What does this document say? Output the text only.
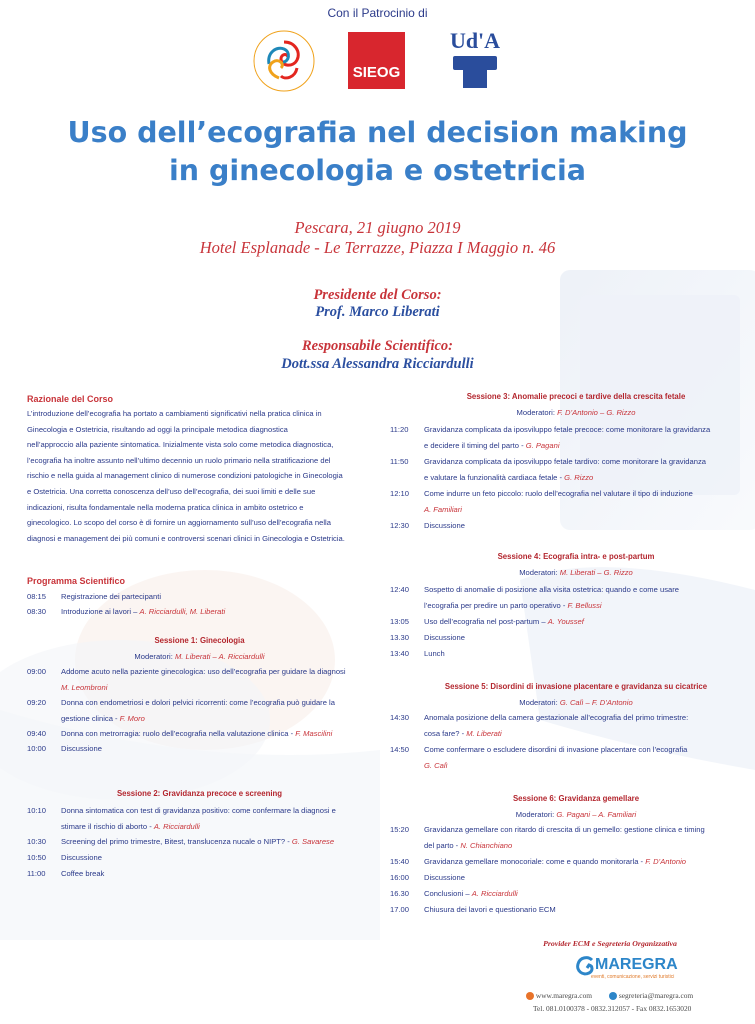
Con il Patrocinio di
SIEOG
Ud'A
Uso dell’ecografia nel decision making
in ginecologia e ostetricia
Pescara, 21 giugno 2019
Hotel Esplanade - Le Terrazze, Piazza I Maggio n. 46
Presidente del Corso:
Prof. Marco Liberati
Responsabile Scientifico:
Dott.ssa Alessandra Ricciardulli
Razionale del Corso
L’introduzione dell’ecografia ha portato a cambiamenti significativi nella pratica clinica in
Ginecologia e Ostetricia, risultando ad oggi la principale metodica diagnostica
nell’approccio alla paziente sintomatica. Inizialmente vista solo come metodica diagnostica,
l’ecografia ha inoltre assunto nell’ultimo decennio un ruolo primario nella stratificazione del
rischio e nella guida al management clinico di numerose condizioni patologiche in Ginecologia
e Ostetricia. Una corretta conoscenza dell’uso dell’ecografia, dei suoi limiti e delle sue
indicazioni, risulta fondamentale nella moderna pratica clinica in ambito ostetrico e
ginecologico. Lo scopo del corso è di fornire un aggiornamento sull’uso dell’ecografia nella
diagnosi e management dei più comuni e controversi scenari clinici in Ginecologia e Ostetricia.
Programma Scientifico
08:15	Registrazione dei partecipanti
08:30	Introduzione ai lavori – A. Ricciardulli, M. Liberati
Sessione 1: Ginecologia
Moderatori: M. Liberati – A. Ricciardulli
09:00	Addome acuto nella paziente ginecologica: uso dell’ecografia per guidare la diagnosi
M. Leombroni
09:20	Donna con endometriosi e dolori pelvici ricorrenti: come l’ecografia può guidare la
gestione clinica - F. Moro
09:40	Donna con metrorragia: ruolo dell’ecografia nella valutazione clinica - F. Mascilini
10:00	Discussione
Sessione 2: Gravidanza precoce e screening
10:10	Donna sintomatica con test di gravidanza positivo: come confermare la diagnosi e
stimare il rischio di aborto - A. Ricciardulli
10:30	Screening del primo trimestre, Bitest, translucenza nucale o NIPT? - G. Savarese
10:50	Discussione
11:00	Coffee break
Sessione 3: Anomalie precoci e tardive della crescita fetale
Moderatori: F. D’Antonio – G. Rizzo
11:20	Gravidanza complicata da iposviluppo fetale precoce: come monitorare la gravidanza
e decidere il timing del parto - G. Pagani
11:50	Gravidanza complicata da iposviluppo fetale tardivo: come monitorare la gravidanza
e valutare la funzionalità cardiaca fetale - G. Rizzo
12:10	Come indurre un feto piccolo: ruolo dell’ecografia nel valutare il tipo di induzione
A. Familiari
12:30	Discussione
Sessione 4: Ecografia intra- e post-partum
Moderatori: M. Liberati – G. Rizzo
12:40	Sospetto di anomalie di posizione alla visita ostetrica: quando e come usare
l’ecografia per predire un parto operativo - F. Bellussi
13:05	Uso dell’ecografia nel post-partum – A. Youssef
13.30	Discussione
13:40	Lunch
Sessione 5: Disordini di invasione placentare e gravidanza su cicatrice
Moderatori: G. Calì – F. D’Antonio
14:30	Anomala posizione della camera gestazionale all’ecografia del primo trimestre:
cosa fare? - M. Liberati
14:50	Come confermare o escludere disordini di invasione placentare con l’ecografia
G. Calì
Sessione 6: Gravidanza gemellare
Moderatori: G. Pagani – A. Familiari
15:20	Gravidanza gemellare con ritardo di crescita di un gemello: gestione clinica e timing
del parto - N. Chianchiano
15:40	Gravidanza gemellare monocoriale: come e quando monitorarla - F. D’Antonio
16:00	Discussione
16.30	Conclusioni – A. Ricciardulli
17.00	Chiusura dei lavori e questionario ECM
Provider ECM e Segreteria Organizzativa
MAREGRA
eventi, comunicazione, servizi turistici
www.maregra.com	segreteria@maregra.com
Tel. 081.0100378 - 0832.312057 - Fax 0832.1653020
